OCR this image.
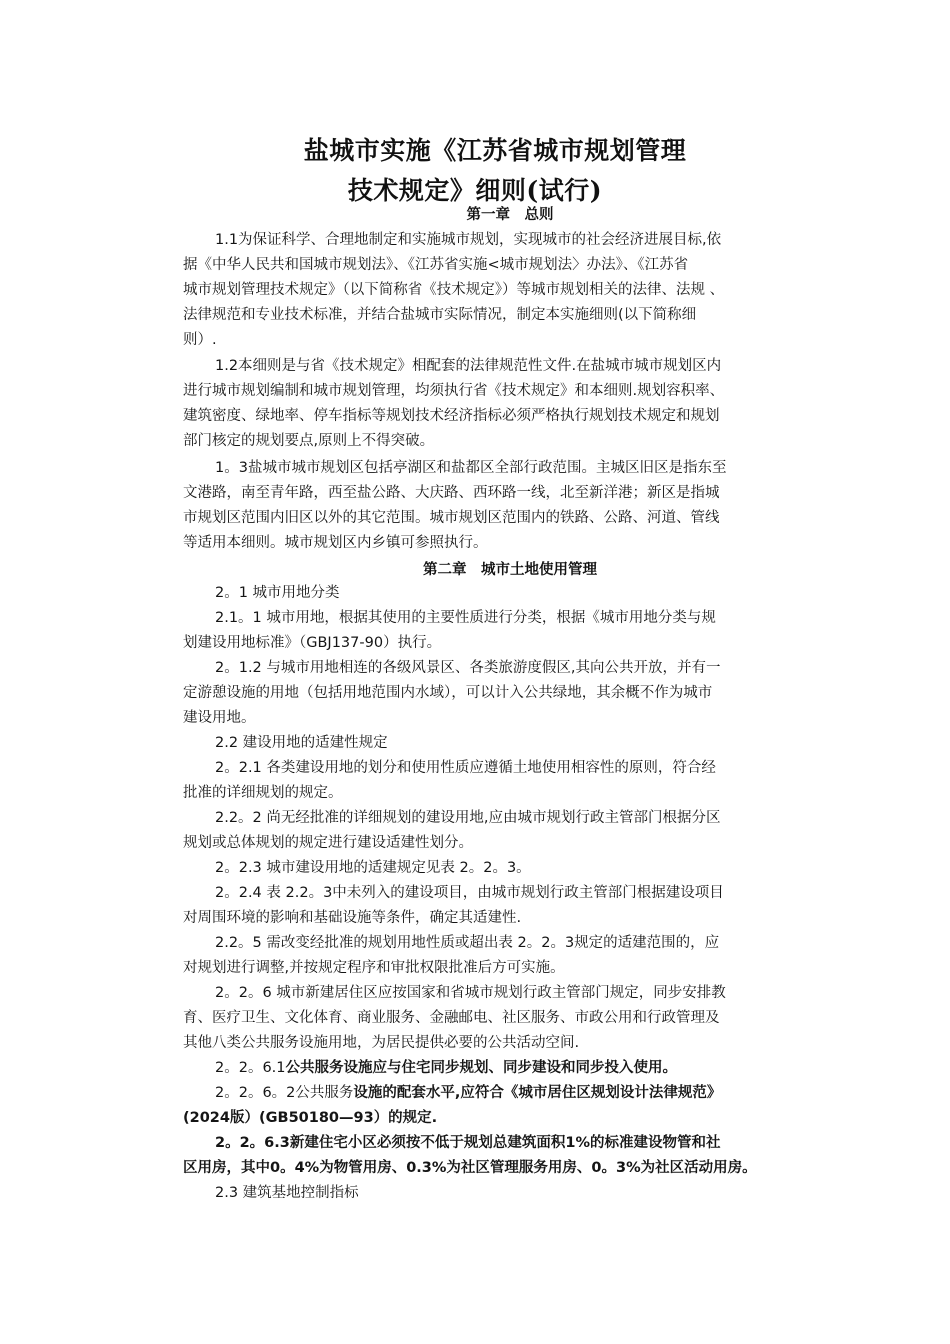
盐城市实施《江苏省城市规划管理
技术规定》细则(试行)
第一章　总则
1.1为保证科学、合理地制定和实施城市规划，实现城市的社会经济进展目标,依
据《中华人民共和国城市规划法》、《江苏省实施<城市规划法〉办法》、《江苏省
城市规划管理技术规定》（以下简称省《技术规定》）等城市规划相关的法律、法规 、
法律规范和专业技术标准，并结合盐城市实际情况，制定本实施细则(以下简称细
则）.
1.2本细则是与省《技术规定》相配套的法律规范性文件.在盐城市城市规划区内
进行城市规划编制和城市规划管理，均须执行省《技术规定》和本细则.规划容积率、
建筑密度、绿地率、停车指标等规划技术经济指标必须严格执行规划技术规定和规划
部门核定的规划要点,原则上不得突破。
1。3盐城市城市规划区包括亭湖区和盐都区全部行政范围。主城区旧区是指东至
文港路，南至青年路，西至盐公路、大庆路、西环路一线，北至新洋港；新区是指城
市规划区范围内旧区以外的其它范围。城市规划区范围内的铁路、公路、河道、管线
等适用本细则。城市规划区内乡镇可参照执行。
第二章　城市土地使用管理
2。1 城市用地分类
2.1。1 城市用地，根据其使用的主要性质进行分类，根据《城市用地分类与规
划建设用地标准》（GBJ137-90）执行。
2。1.2 与城市用地相连的各级风景区、各类旅游度假区,其向公共开放，并有一
定游憩设施的用地（包括用地范围内水域），可以计入公共绿地，其余概不作为城市
建设用地。
2.2 建设用地的适建性规定
2。2.1 各类建设用地的划分和使用性质应遵循土地使用相容性的原则，符合经
批准的详细规划的规定。
2.2。2 尚无经批准的详细规划的建设用地,应由城市规划行政主管部门根据分区
规划或总体规划的规定进行建设适建性划分。
2。2.3 城市建设用地的适建规定见表 2。2。3。
2。2.4 表 2.2。3中未列入的建设项目，由城市规划行政主管部门根据建设项目
对周围环境的影响和基础设施等条件，确定其适建性.
2.2。5 需改变经批准的规划用地性质或超出表 2。2。3规定的适建范围的，应
对规划进行调整,并按规定程序和审批权限批准后方可实施。
2。2。6 城市新建居住区应按国家和省城市规划行政主管部门规定，同步安排教
育、医疗卫生、文化体育、商业服务、金融邮电、社区服务、市政公用和行政管理及
其他八类公共服务设施用地，为居民提供必要的公共活动空间.
2。2。6.1公共服务设施应与住宅同步规划、同步建设和同步投入使用。
2。2。6。2公共服务设施的配套水平,应符合《城市居住区规划设计法律规范》
(2024版）(GB50180—93）的规定.
2。2。6.3新建住宅小区必须按不低于规划总建筑面积1%的标准建设物管和社
区用房，其中0。4%为物管用房、0.3%为社区管理服务用房、0。3%为社区活动用房。
2.3 建筑基地控制指标
